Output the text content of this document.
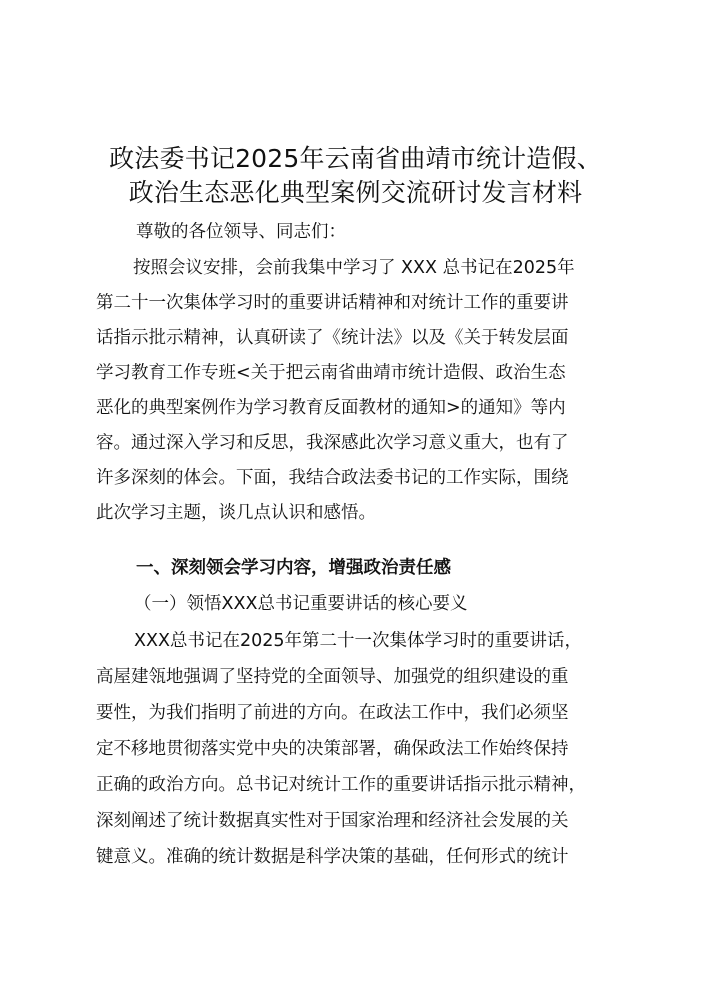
政法委书记2025年云南省曲靖市统计造假、
政治生态恶化典型案例交流研讨发言材料
尊敬的各位领导、同志们：
按照会议安排，会前我集中学习了 XXX 总书记在2025年
第二十一次集体学习时的重要讲话精神和对统计工作的重要讲
话指示批示精神，认真研读了《统计法》以及《关于转发层面
学习教育工作专班<关于把云南省曲靖市统计造假、政治生态
恶化的典型案例作为学习教育反面教材的通知>的通知》等内
容。通过深入学习和反思，我深感此次学习意义重大，也有了
许多深刻的体会。下面，我结合政法委书记的工作实际，围绕
此次学习主题，谈几点认识和感悟。
一、深刻领会学习内容，增强政治责任感
（一）领悟XXX总书记重要讲话的核心要义
XXX总书记在2025年第二十一次集体学习时的重要讲话，
高屋建瓴地强调了坚持党的全面领导、加强党的组织建设的重
要性，为我们指明了前进的方向。在政法工作中，我们必须坚
定不移地贯彻落实党中央的决策部署，确保政法工作始终保持
正确的政治方向。总书记对统计工作的重要讲话指示批示精神，
深刻阐述了统计数据真实性对于国家治理和经济社会发展的关
键意义。准确的统计数据是科学决策的基础，任何形式的统计
